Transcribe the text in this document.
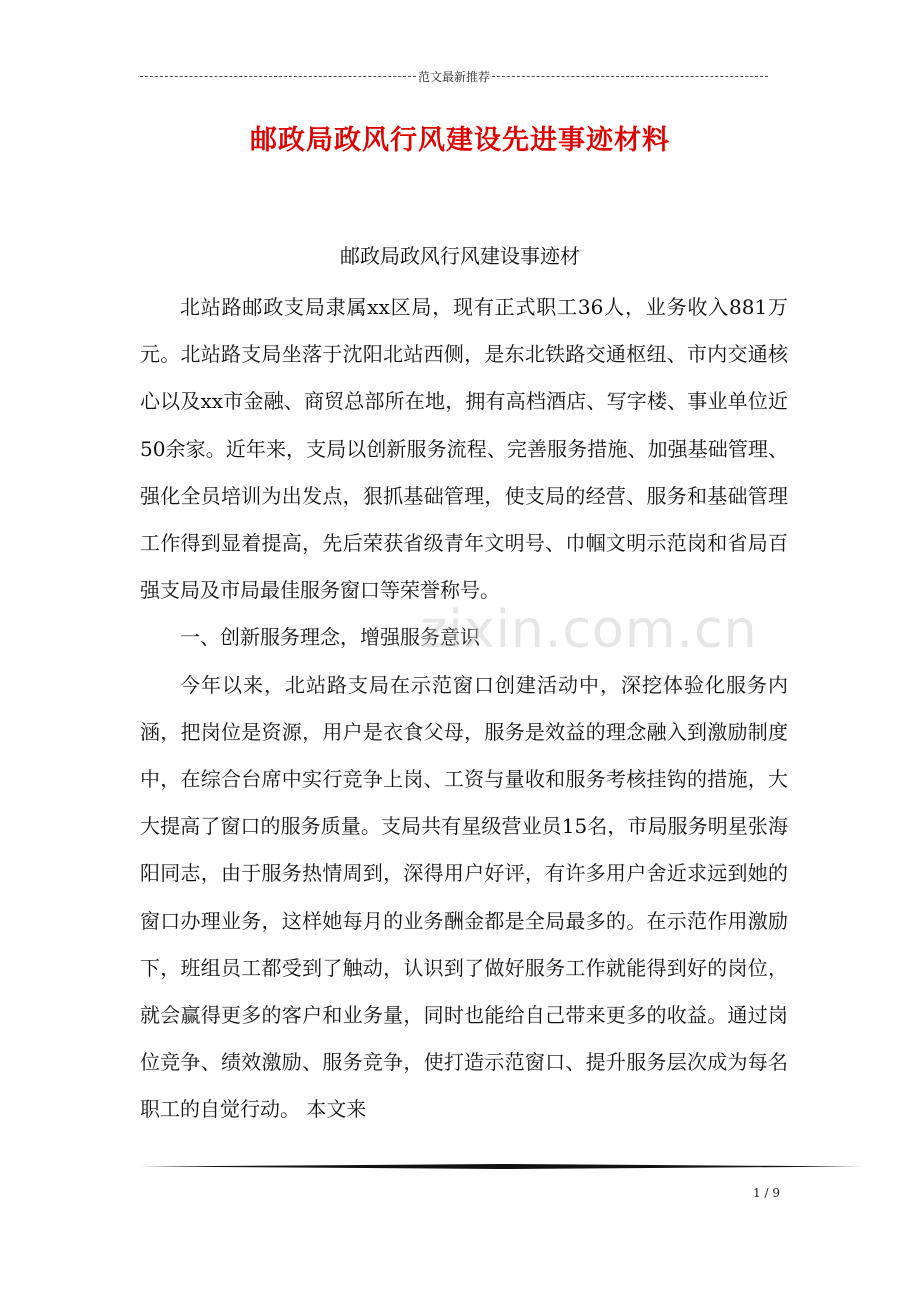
范文最新推荐
邮政局政风行风建设先进事迹材料
邮政局政风行风建设事迹材

北站路邮政支局隶属xx区局，现有正式职工36人，业务收入881万元。北站路支局坐落于沈阳北站西侧，是东北铁路交通枢纽、市内交通核心以及xx市金融、商贸总部所在地，拥有高档酒店、写字楼、事业单位近50余家。近年来，支局以创新服务流程、完善服务措施、加强基础管理、强化全员培训为出发点，狠抓基础管理，使支局的经营、服务和基础管理工作得到显着提高，先后荣获省级青年文明号、巾帼文明示范岗和省局百强支局及市局最佳服务窗口等荣誉称号。

一、创新服务理念，增强服务意识

今年以来，北站路支局在示范窗口创建活动中，深挖体验化服务内涵，把岗位是资源，用户是衣食父母，服务是效益的理念融入到激励制度中，在综合台席中实行竞争上岗、工资与量收和服务考核挂钩的措施，大大提高了窗口的服务质量。支局共有星级营业员15名，市局服务明星张海阳同志，由于服务热情周到，深得用户好评，有许多用户舍近求远到她的窗口办理业务，这样她每月的业务酬金都是全局最多的。在示范作用激励下，班组员工都受到了触动，认识到了做好服务工作就能得到好的岗位，就会赢得更多的客户和业务量，同时也能给自己带来更多的收益。通过岗位竞争、绩效激励、服务竞争，使打造示范窗口、提升服务层次成为每名职工的自觉行动。 本文来

zixin.com.cn
1 / 9
